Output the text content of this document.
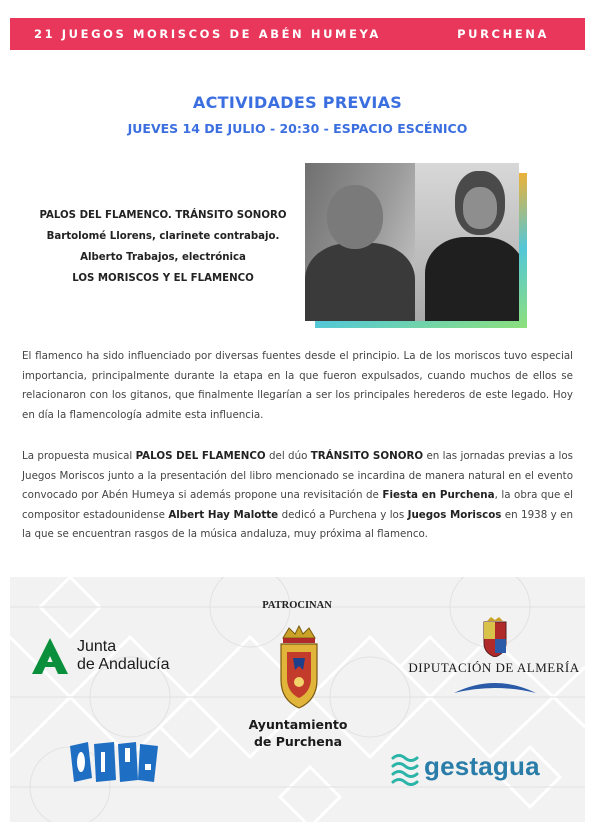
21 JUEGOS MORISCOS DE ABÉN HUMEYA	PURCHENA
ACTIVIDADES PREVIAS
JUEVES 14 DE JULIO - 20:30 - ESPACIO ESCÉNICO
PALOS DEL FLAMENCO. TRÁNSITO SONORO
Bartolomé Llorens, clarinete contrabajo.
Alberto Trabajos, electrónica
LOS MORISCOS Y EL FLAMENCO
El flamenco ha sido influenciado por diversas fuentes desde el principio. La de los moriscos tuvo especial importancia, principalmente durante la etapa en la que fueron expulsados, cuando muchos de ellos se relacionaron con los gitanos, que finalmente llegarían a ser los principales herederos de este legado. Hoy en día la flamencología admite esta influencia.
La propuesta musical PALOS DEL FLAMENCO del dúo TRÁNSITO SONORO en las jornadas previas a los Juegos Moriscos junto a la presentación del libro mencionado se incardina de manera natural en el evento convocado por Abén Humeya si además propone una revisitación de Fiesta en Purchena, la obra que el compositor estadounidense Albert Hay Malotte dedicó a Purchena y los Juegos Moriscos en 1938 y en la que se encuentran rasgos de la música andaluza, muy próxima al flamenco.
PATROCINAN
Junta
de Andalucía
Ayuntamiento
de Purchena
DIPUTACIÓN DE ALMERÍA
gestagua
